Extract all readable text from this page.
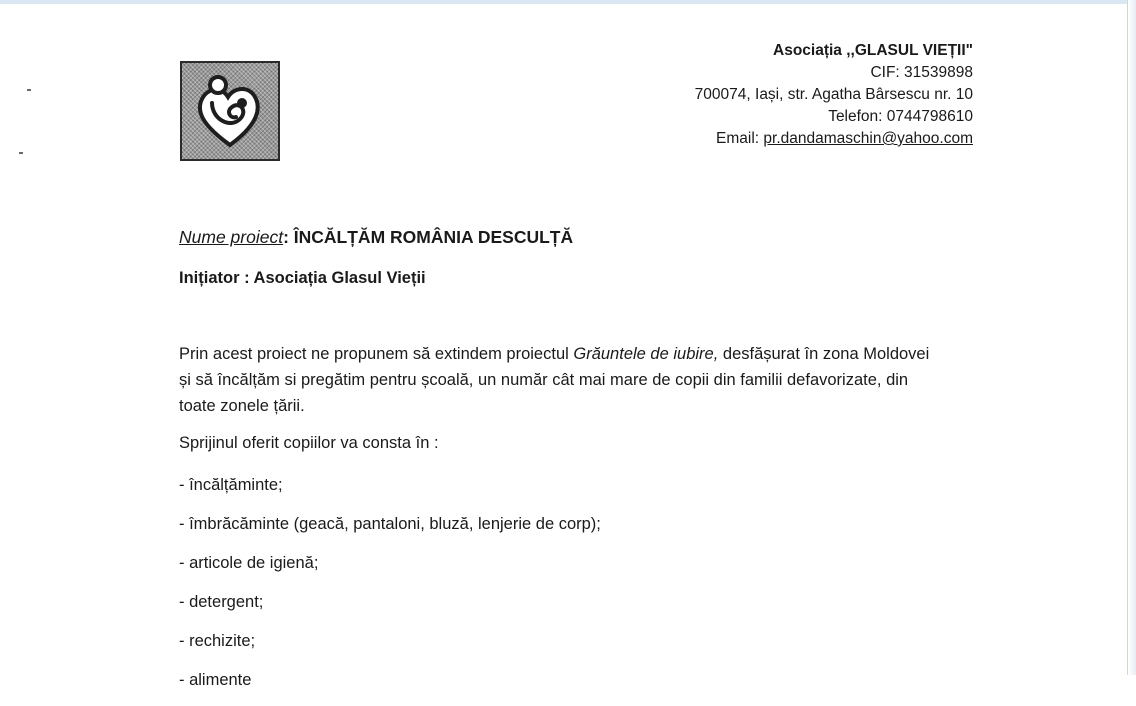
Asociația ,,GLASUL VIEȚII"
CIF: 31539898
700074, Iași, str. Agatha Bârsescu nr. 10
Telefon: 0744798610
Email: pr.dandamaschin@yahoo.com
Nume proiect: ÎNCĂLȚĂM ROMÂNIA DESCULȚĂ
Inițiator : Asociația Glasul Vieții
Prin acest proiect ne propunem să extindem proiectul Grăuntele de iubire, desfășurat în zona Moldovei și să încălțăm si pregătim pentru școală, un număr cât mai mare de copii din familii defavorizate, din toate zonele țării.
Sprijinul oferit copiilor va consta în :
- încălțăminte;
- îmbrăcăminte (geacă, pantaloni, bluză, lenjerie de corp);
- articole de igienă;
- detergent;
- rechizite;
- alimente
